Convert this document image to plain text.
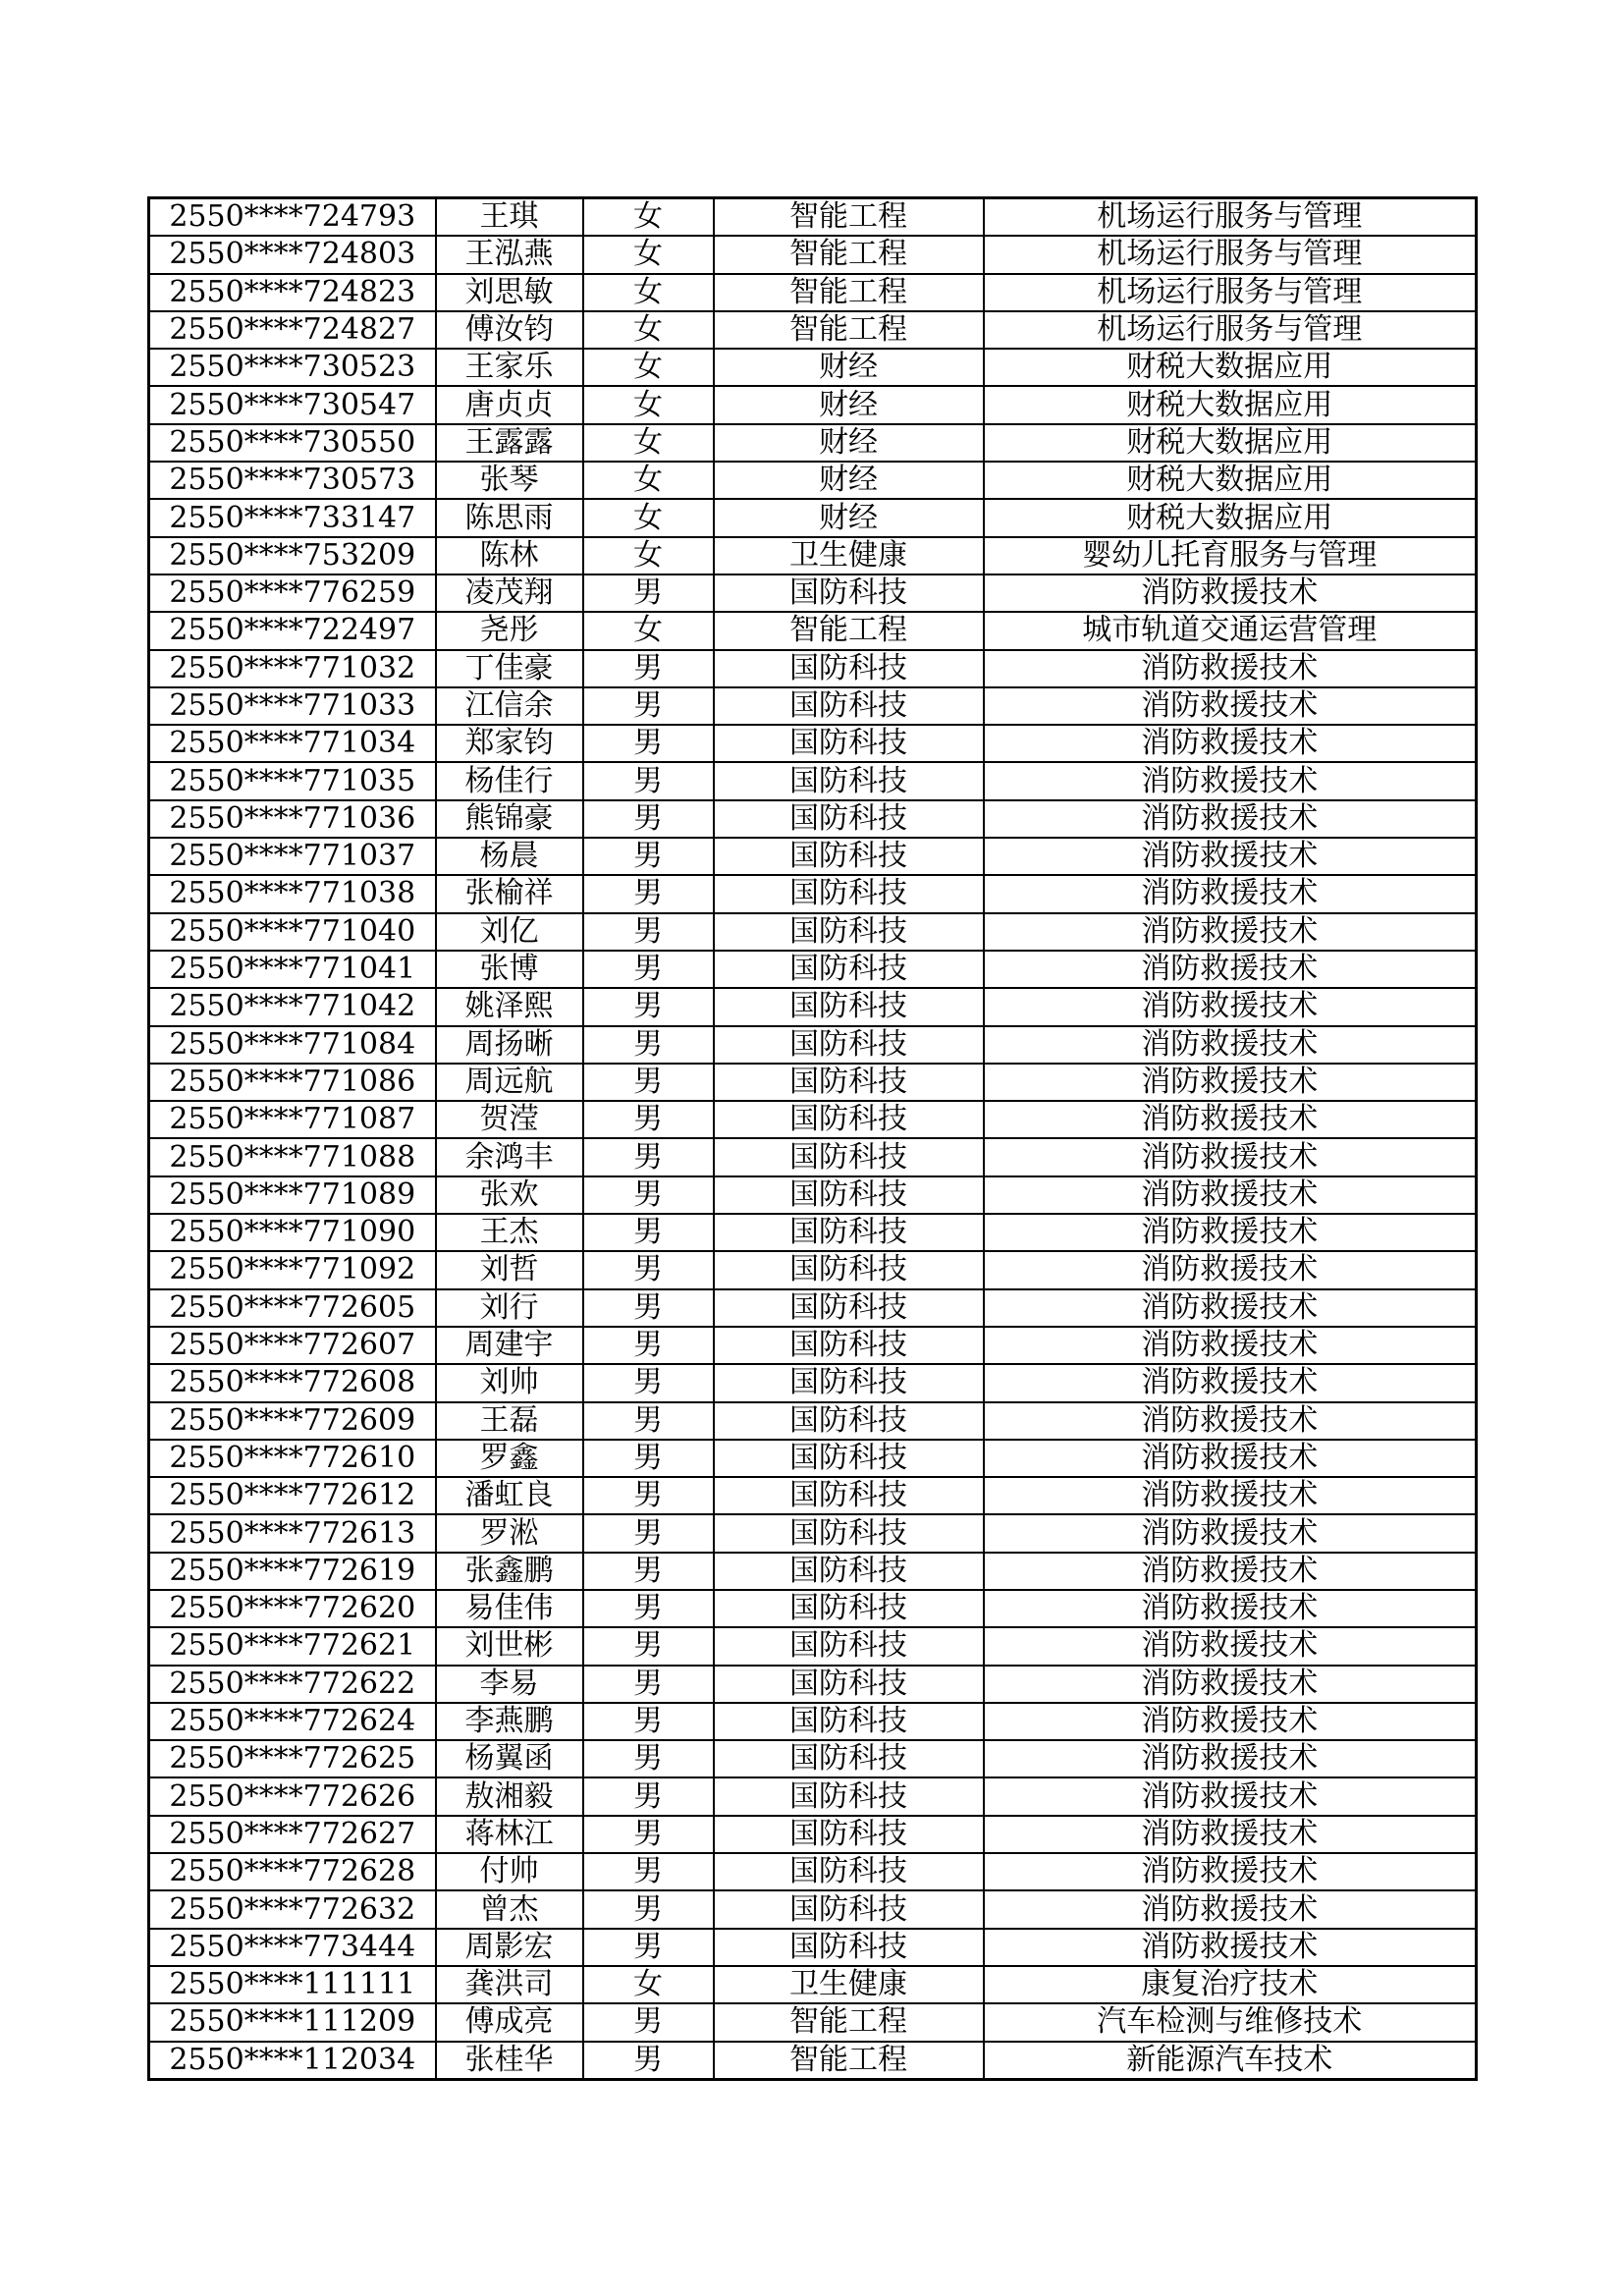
2550****724793	王琪	女	智能工程	机场运行服务与管理
2550****724803	王泓燕	女	智能工程	机场运行服务与管理
2550****724823	刘思敏	女	智能工程	机场运行服务与管理
2550****724827	傅汝钧	女	智能工程	机场运行服务与管理
2550****730523	王家乐	女	财经	财税大数据应用
2550****730547	唐贞贞	女	财经	财税大数据应用
2550****730550	王露露	女	财经	财税大数据应用
2550****730573	张琴	女	财经	财税大数据应用
2550****733147	陈思雨	女	财经	财税大数据应用
2550****753209	陈林	女	卫生健康	婴幼儿托育服务与管理
2550****776259	凌茂翔	男	国防科技	消防救援技术
2550****722497	尧彤	女	智能工程	城市轨道交通运营管理
2550****771032	丁佳豪	男	国防科技	消防救援技术
2550****771033	江信余	男	国防科技	消防救援技术
2550****771034	郑家钧	男	国防科技	消防救援技术
2550****771035	杨佳行	男	国防科技	消防救援技术
2550****771036	熊锦豪	男	国防科技	消防救援技术
2550****771037	杨晨	男	国防科技	消防救援技术
2550****771038	张榆祥	男	国防科技	消防救援技术
2550****771040	刘亿	男	国防科技	消防救援技术
2550****771041	张博	男	国防科技	消防救援技术
2550****771042	姚泽熙	男	国防科技	消防救援技术
2550****771084	周扬晰	男	国防科技	消防救援技术
2550****771086	周远航	男	国防科技	消防救援技术
2550****771087	贺滢	男	国防科技	消防救援技术
2550****771088	余鸿丰	男	国防科技	消防救援技术
2550****771089	张欢	男	国防科技	消防救援技术
2550****771090	王杰	男	国防科技	消防救援技术
2550****771092	刘哲	男	国防科技	消防救援技术
2550****772605	刘行	男	国防科技	消防救援技术
2550****772607	周建宇	男	国防科技	消防救援技术
2550****772608	刘帅	男	国防科技	消防救援技术
2550****772609	王磊	男	国防科技	消防救援技术
2550****772610	罗鑫	男	国防科技	消防救援技术
2550****772612	潘虹良	男	国防科技	消防救援技术
2550****772613	罗淞	男	国防科技	消防救援技术
2550****772619	张鑫鹏	男	国防科技	消防救援技术
2550****772620	易佳伟	男	国防科技	消防救援技术
2550****772621	刘世彬	男	国防科技	消防救援技术
2550****772622	李易	男	国防科技	消防救援技术
2550****772624	李燕鹏	男	国防科技	消防救援技术
2550****772625	杨翼函	男	国防科技	消防救援技术
2550****772626	敖湘毅	男	国防科技	消防救援技术
2550****772627	蒋林江	男	国防科技	消防救援技术
2550****772628	付帅	男	国防科技	消防救援技术
2550****772632	曾杰	男	国防科技	消防救援技术
2550****773444	周影宏	男	国防科技	消防救援技术
2550****111111	龚洪司	女	卫生健康	康复治疗技术
2550****111209	傅成亮	男	智能工程	汽车检测与维修技术
2550****112034	张桂华	男	智能工程	新能源汽车技术
